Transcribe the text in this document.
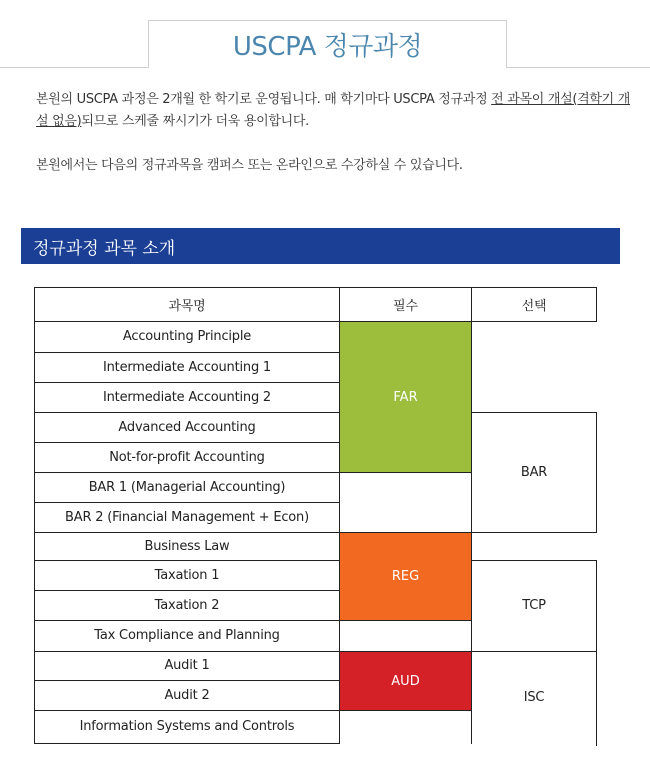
USCPA 정규과정
본원의 USCPA 과정은 2개월 한 학기로 운영됩니다. 매 학기마다 USCPA 정규과정 전 과목이 개설(격학기 개설 없음)되므로 스케줄 짜시기가 더욱 용이합니다.
본원에서는 다음의 정규과목을 캠퍼스 또는 온라인으로 수강하실 수 있습니다.
정규과정 과목 소개
과목명	필수	선택
Accounting Principle
Intermediate Accounting 1
Intermediate Accounting 2
Advanced Accounting
Not-for-profit Accounting
BAR 1 (Managerial Accounting)
BAR 2 (Financial Management + Econ)
Business Law
Taxation 1
Taxation 2
Tax Compliance and Planning
Audit 1
Audit 2
Information Systems and Controls
FAR
REG
AUD
BAR
TCP
ISC
